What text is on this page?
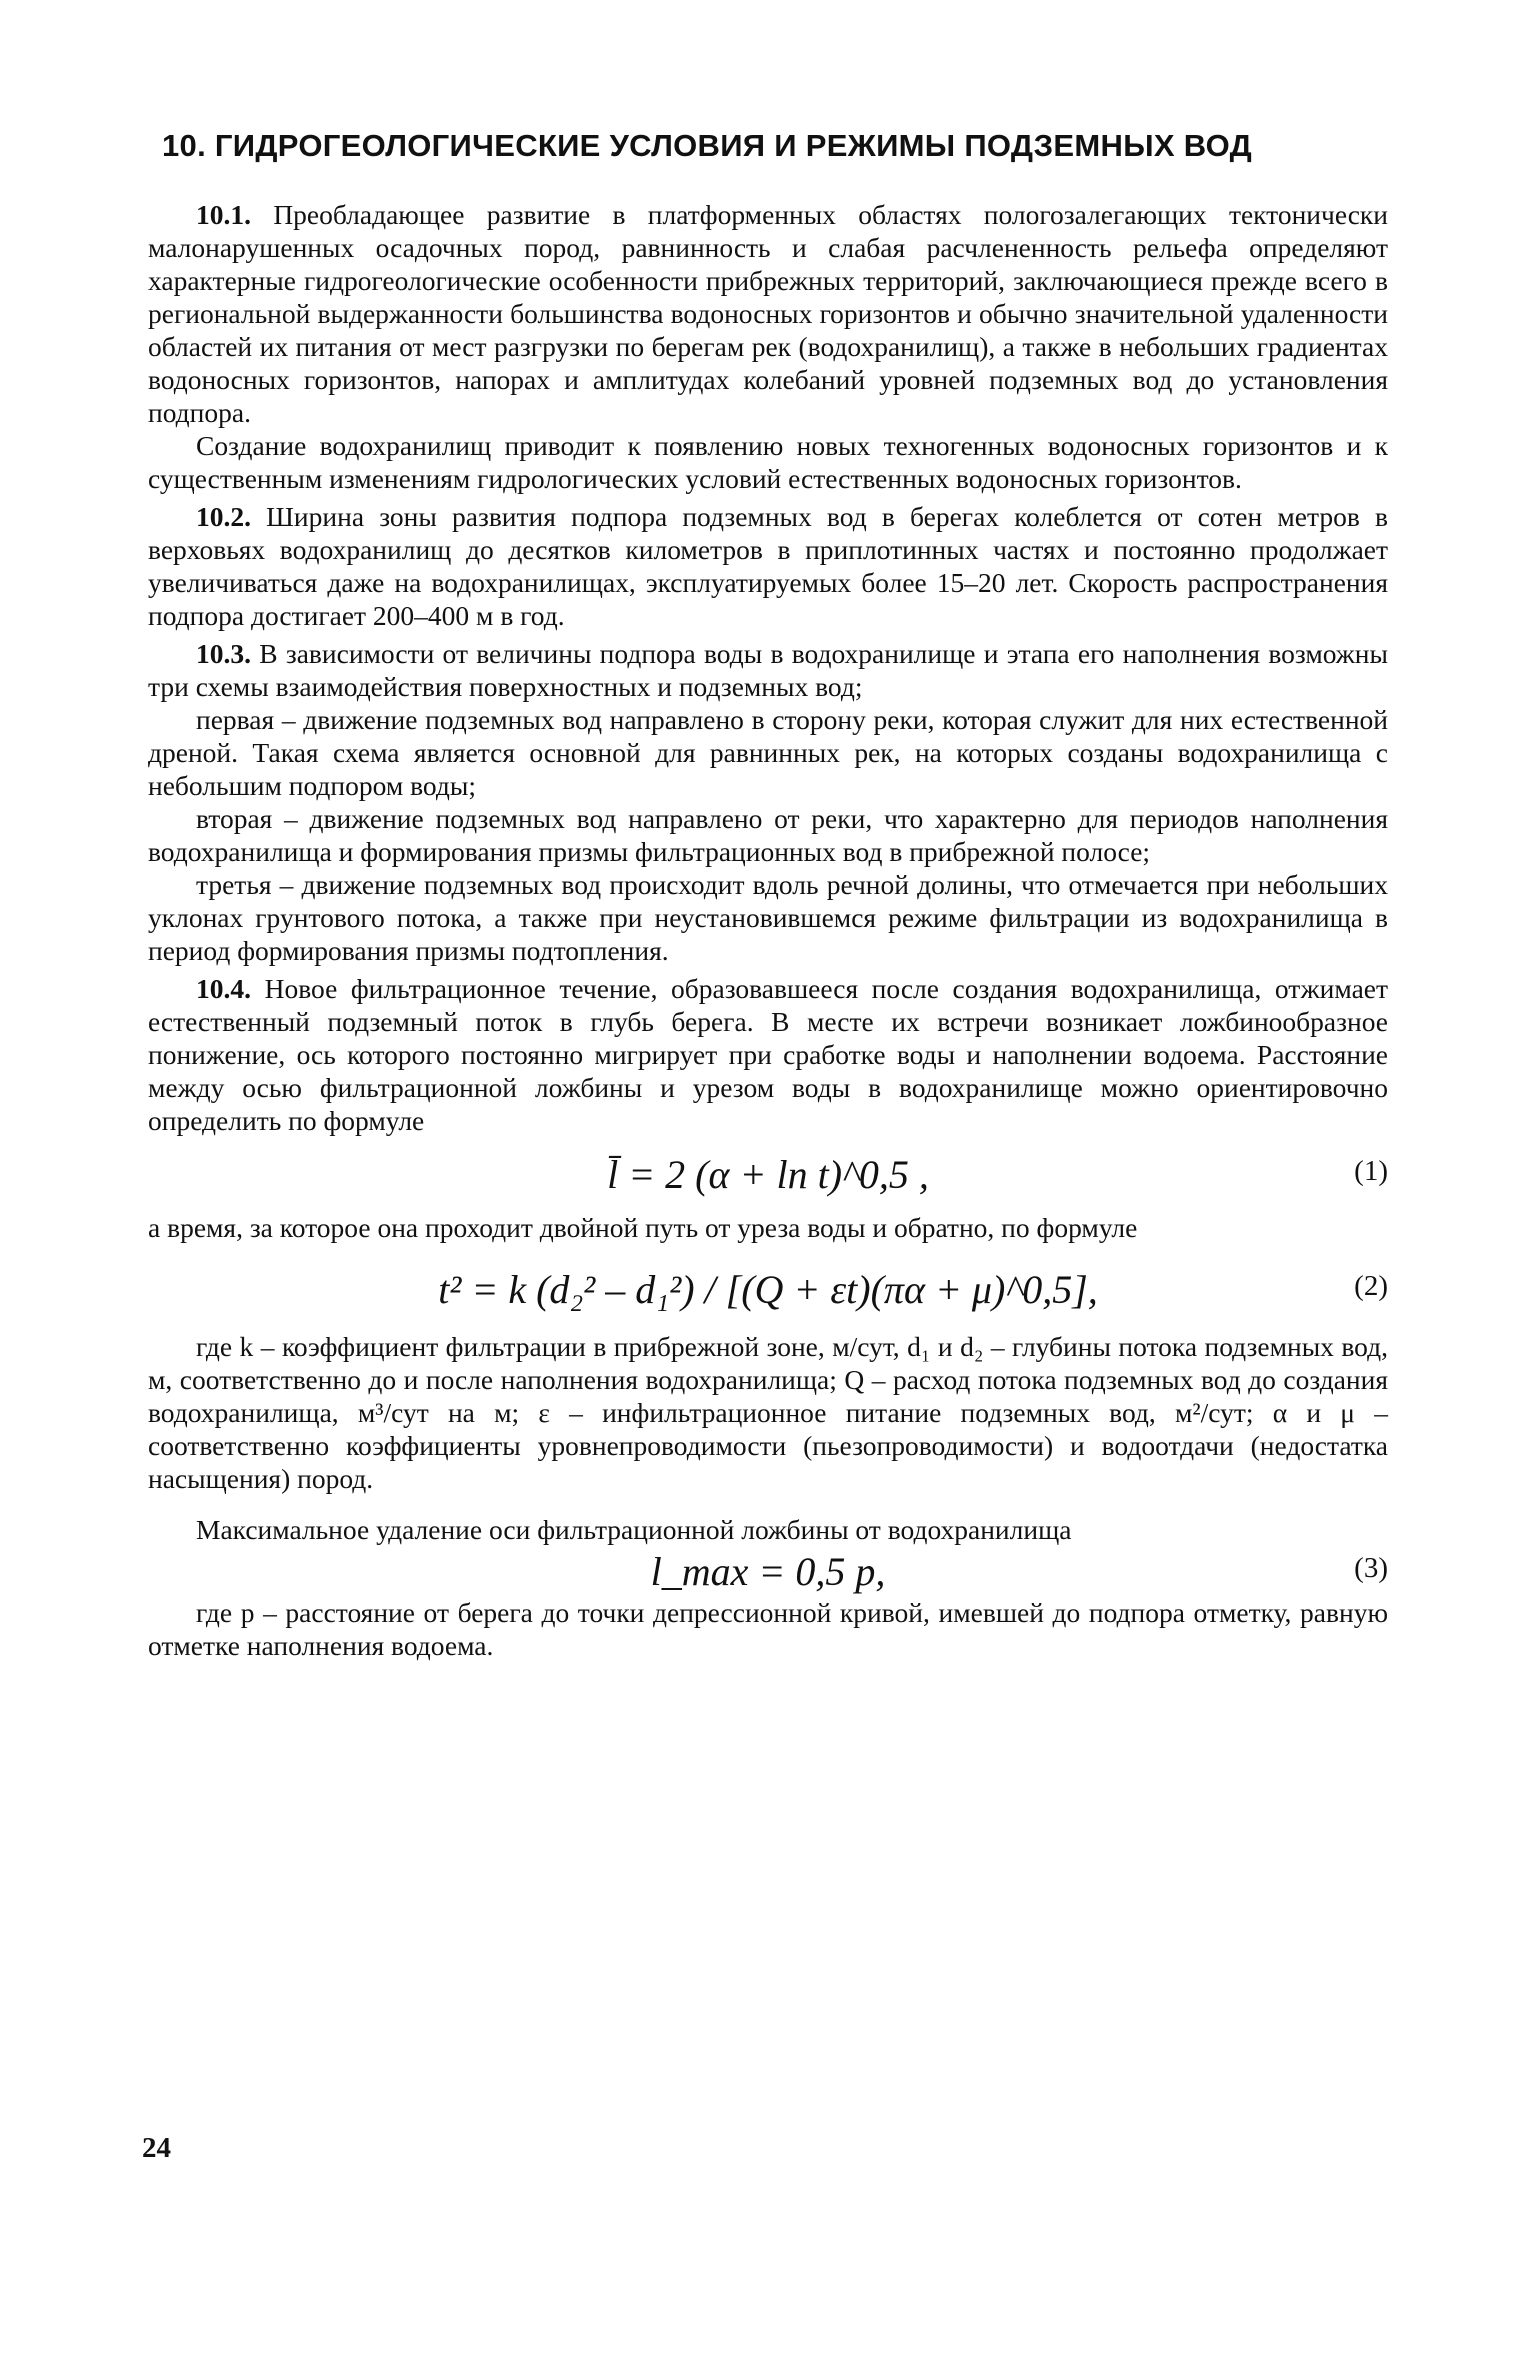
10. ГИДРОГЕОЛОГИЧЕСКИЕ УСЛОВИЯ И РЕЖИМЫ ПОДЗЕМНЫХ ВОД

10.1. Преобладающее развитие в платформенных областях пологозалегающих тектонически малонарушенных осадочных пород, равнинность и слабая расчлененность рельефа определяют характерные гидрогеологические особенности прибрежных территорий, заключающиеся прежде всего в региональной выдержанности большинства водоносных горизонтов и обычно значительной удаленности областей их питания от мест разгрузки по берегам рек (водохранилищ), а также в небольших градиентах водоносных горизонтов, напорах и амплитудах колебаний уровней подземных вод до установления подпора.

Создание водохранилищ приводит к появлению новых техногенных водоносных горизонтов и к существенным изменениям гидрологических условий естественных водоносных горизонтов.

10.2. Ширина зоны развития подпора подземных вод в берегах колеблется от сотен метров в верховьях водохранилищ до десятков километров в приплотинных частях и постоянно продолжает увеличиваться даже на водохранилищах, эксплуатируемых более 15–20 лет. Скорость распространения подпора достигает 200–400 м в год.

10.3. В зависимости от величины подпора воды в водохранилище и этапа его наполнения возможны три схемы взаимодействия поверхностных и подземных вод;

первая – движение подземных вод направлено в сторону реки, которая служит для них естественной дреной. Такая схема является основной для равнинных рек, на которых созданы водохранилища с небольшим подпором воды;

вторая – движение подземных вод направлено от реки, что характерно для периодов наполнения водохранилища и формирования призмы фильтрационных вод в прибрежной полосе;

третья – движение подземных вод происходит вдоль речной долины, что отмечается при небольших уклонах грунтового потока, а также при неустановившемся режиме фильтрации из водохранилища в период формирования призмы подтопления.

10.4. Новое фильтрационное течение, образовавшееся после создания водохранилища, отжимает естественный подземный поток в глубь берега. В месте их встречи возникает ложбинообразное понижение, ось которого постоянно мигрирует при сработке воды и наполнении водоема. Расстояние между осью фильтрационной ложбины и урезом воды в водохранилище можно ориентировочно определить по формуле

l̄ = 2 (α + ln t)^0,5 ,	(1)

а время, за которое она проходит двойной путь от уреза воды и обратно, по формуле

t² = k (d₂² – d₁²) / [(Q + εt)(πα + μ)^0,5],	(2)

где k – коэффициент фильтрации в прибрежной зоне, м/сут, d₁ и d₂ – глубины потока подземных вод, м, соответственно до и после наполнения водохранилища; Q – расход потока подземных вод до создания водохранилища, м³/сут на м; ε – инфильтрационное питание подземных вод, м²/сут; α и μ – соответственно коэффициенты уровнепроводимости (пьезопроводимости) и водоотдачи (недостатка насыщения) пород.

Максимальное удаление оси фильтрационной ложбины от водохранилища

l_max = 0,5 p,	(3)

где p – расстояние от берега до точки депрессионной кривой, имевшей до подпора отметку, равную отметке наполнения водоема.

24
